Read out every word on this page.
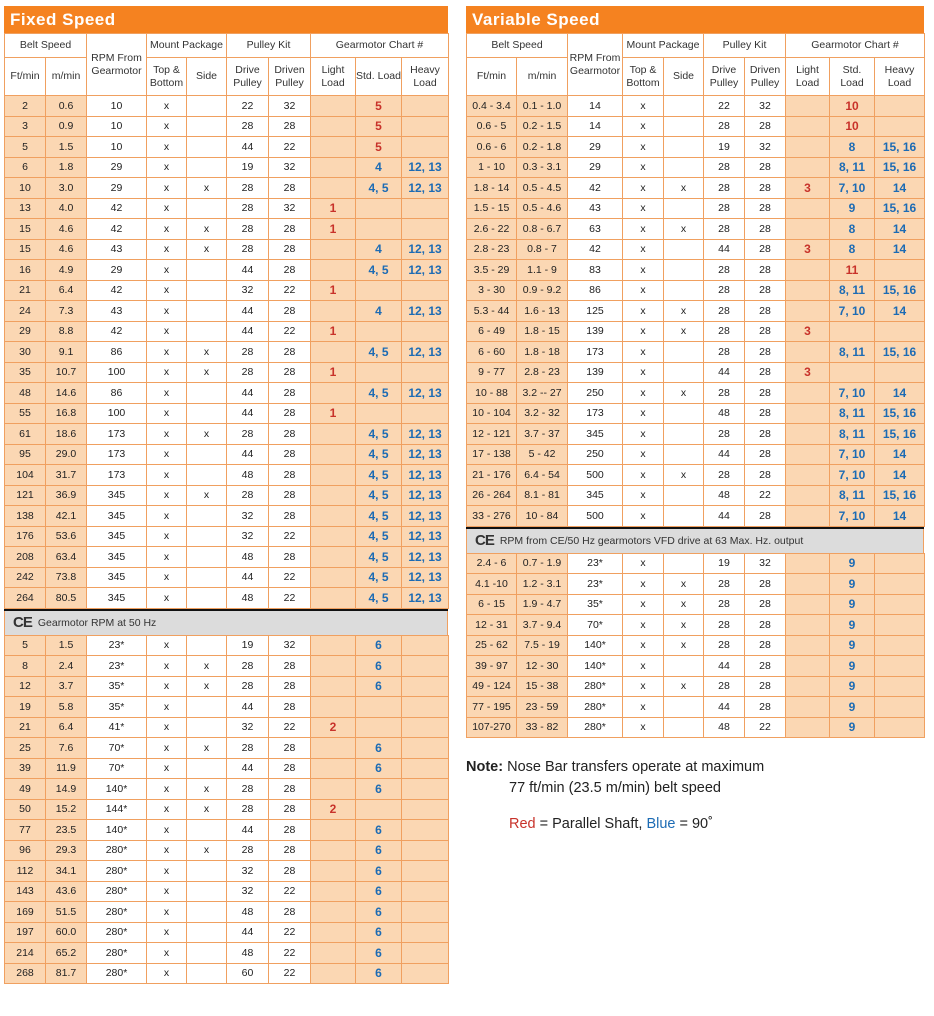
Fixed Speed
Belt Speed		RPM From Gearmotor	Mount Package		Pulley Kit		Gearmotor Chart #		
Ft/min	m/min		Top & Bottom	Side	Drive Pulley	Driven Pulley	Light Load	Std. Load	Heavy Load
2	0.6	10	x		22	32		5	
3	0.9	10	x		28	28		5	
5	1.5	10	x		44	22		5	
6	1.8	29	x		19	32		4	12, 13
10	3.0	29	x	x	28	28		4, 5	12, 13
13	4.0	42	x		28	32	1		
15	4.6	42	x	x	28	28	1		
15	4.6	43	x	x	28	28		4	12, 13
16	4.9	29	x		44	28		4, 5	12, 13
21	6.4	42	x		32	22	1		
24	7.3	43	x		44	28		4	12, 13
29	8.8	42	x		44	22	1		
30	9.1	86	x	x	28	28		4, 5	12, 13
35	10.7	100	x	x	28	28	1		
48	14.6	86	x		44	28		4, 5	12, 13
55	16.8	100	x		44	28	1		
61	18.6	173	x	x	28	28		4, 5	12, 13
95	29.0	173	x		44	28		4, 5	12, 13
104	31.7	173	x		48	28		4, 5	12, 13
121	36.9	345	x	x	28	28		4, 5	12, 13
138	42.1	345	x		32	28		4, 5	12, 13
176	53.6	345	x		32	22		4, 5	12, 13
208	63.4	345	x		48	28		4, 5	12, 13
242	73.8	345	x		44	22		4, 5	12, 13
264	80.5	345	x		48	22		4, 5	12, 13
CE Gearmotor RPM at 50 Hz
5	1.5	23*	x		19	32		6	
8	2.4	23*	x	x	28	28		6	
12	3.7	35*	x	x	28	28		6	
19	5.8	35*	x		44	28			
21	6.4	41*	x		32	22	2		
25	7.6	70*	x	x	28	28		6	
39	11.9	70*	x		44	28		6	
49	14.9	140*	x	x	28	28		6	
50	15.2	144*	x	x	28	28	2		
77	23.5	140*	x		44	28		6	
96	29.3	280*	x	x	28	28		6	
112	34.1	280*	x		32	28		6	
143	43.6	280*	x		32	22		6	
169	51.5	280*	x		48	28		6	
197	60.0	280*	x		44	22		6	
214	65.2	280*	x		48	22		6	
268	81.7	280*	x		60	22		6	
Variable Speed
Belt Speed		RPM From Gearmotor	Mount Package		Pulley Kit		Gearmotor Chart #		
Ft/min	m/min		Top & Bottom	Side	Drive Pulley	Driven Pulley	Light Load	Std. Load	Heavy Load
0.4 - 3.4	0.1 - 1.0	14	x		22	32		10	
0.6 - 5	0.2 - 1.5	14	x		28	28		10	
0.6 - 6	0.2 - 1.8	29	x		19	32		8	15, 16
1 - 10	0.3 - 3.1	29	x		28	28		8, 11	15, 16
1.8 - 14	0.5 - 4.5	42	x	x	28	28	3	7, 10	14
1.5 - 15	0.5 - 4.6	43	x		28	28		9	15, 16
2.6 - 22	0.8 - 6.7	63	x	x	28	28		8	14
2.8 - 23	0.8 - 7	42	x		44	28	3	8	14
3.5 - 29	1.1 - 9	83	x		28	28		11	
3 - 30	0.9 - 9.2	86	x		28	28		8, 11	15, 16
5.3 - 44	1.6 - 13	125	x	x	28	28		7, 10	14
6 - 49	1.8 - 15	139	x	x	28	28	3		
6 - 60	1.8 - 18	173	x		28	28		8, 11	15, 16
9 - 77	2.8 - 23	139	x		44	28	3		
10 - 88	3.2 -- 27	250	x	x	28	28		7, 10	14
10 - 104	3.2 - 32	173	x		48	28		8, 11	15, 16
12 - 121	3.7 - 37	345	x		28	28		8, 11	15, 16
17 - 138	5 - 42	250	x		44	28		7, 10	14
21 - 176	6.4 - 54	500	x	x	28	28		7, 10	14
26 - 264	8.1 - 81	345	x		48	22		8, 11	15, 16
33 - 276	10 - 84	500	x		44	28		7, 10	14
CE RPM from CE/50 Hz gearmotors VFD drive at 63 Max. Hz. output
2.4 - 6	0.7 - 1.9	23*	x		19	32		9	
4.1 -10	1.2 - 3.1	23*	x	x	28	28		9	
6 - 15	1.9 - 4.7	35*	x	x	28	28		9	
12 - 31	3.7 - 9.4	70*	x	x	28	28		9	
25 - 62	7.5 - 19	140*	x	x	28	28		9	
39 - 97	12 - 30	140*	x		44	28		9	
49 - 124	15 - 38	280*	x	x	28	28		9	
77 - 195	23 - 59	280*	x		44	28		9	
107-270	33 - 82	280*	x		48	22		9	
Note: Nose Bar transfers operate at maximum
77 ft/min (23.5 m/min) belt speed
Red = Parallel Shaft, Blue = 90˚
